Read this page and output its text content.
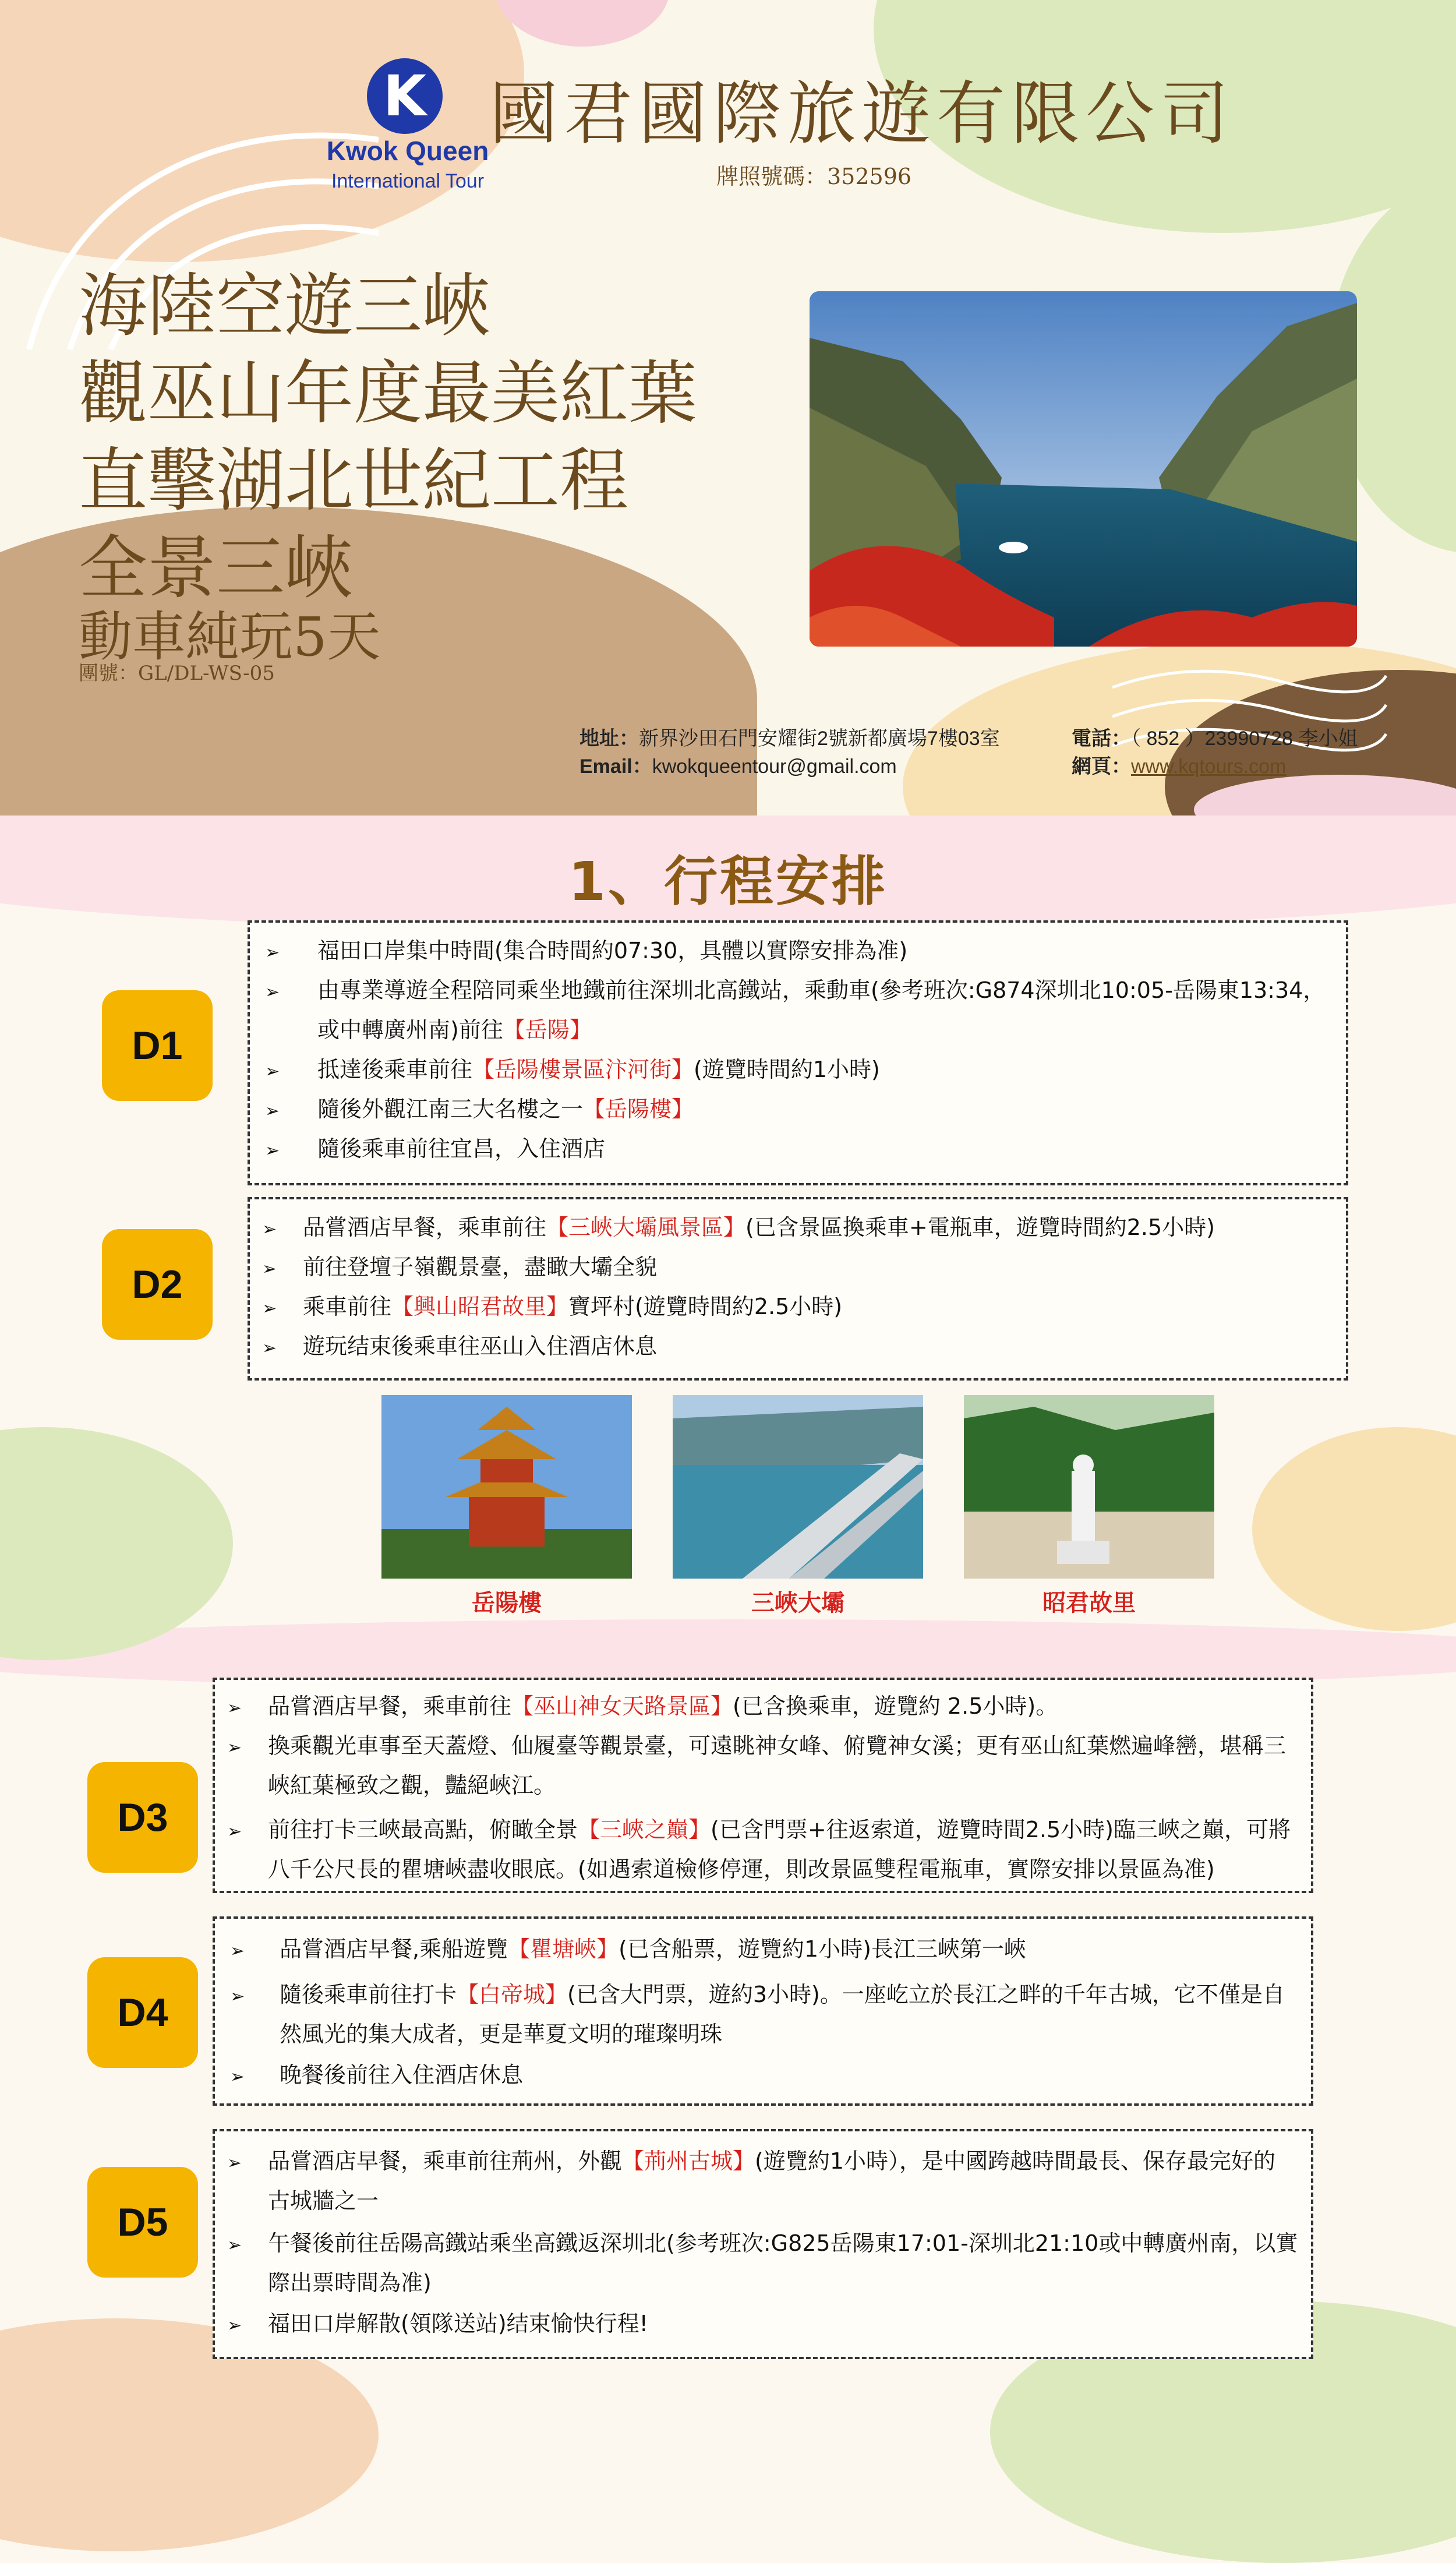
K
Kwok Queen
International Tour
國君國際旅遊有限公司
牌照號碼：352596
海陸空遊三峽
觀巫山年度最美紅葉
直擊湖北世紀工程
全景三峽
動車純玩5天
團號：GL/DL-WS-05
地址：新界沙田石門安耀街2號新都廣場7樓03室
Email：kwokqueentour@gmail.com
電話：（ 852 ）23990728 李小姐
網頁：www.kqtours.com
1、行程安排
D1
➢ 福田口岸集中時間(集合時間約07:30，具體以實際安排為准)
➢ 由專業導遊全程陪同乘坐地鐵前往深圳北高鐵站，乘動車(參考班次:G874深圳北10:05-岳陽東13:34，
或中轉廣州南)前往【岳陽】
➢ 抵達後乘車前往【岳陽樓景區汴河街】(遊覽時間約1小時)
➢ 隨後外觀江南三大名樓之一【岳陽樓】
➢ 隨後乘車前往宜昌，入住酒店
D2
➢ 品嘗酒店早餐，乘車前往【三峽大壩風景區】(已含景區換乘車+電瓶車，遊覽時間約2.5小時)
➢ 前往登壇子嶺觀景臺，盡瞰大壩全貌
➢ 乘車前往【興山昭君故里】寶坪村(遊覽時間約2.5小時)
➢ 遊玩结束後乘車往巫山入住酒店休息
岳陽樓	三峽大壩	昭君故里
D3
➢ 品嘗酒店早餐，乘車前往【巫山神女天路景區】(已含換乘車，遊覽約 2.5小時)。
➢ 換乘觀光車事至天蓋燈、仙履臺等觀景臺，可遠眺神女峰、俯覽神女溪；更有巫山紅葉燃遍峰巒，堪稱三
峽紅葉極致之觀，豔絕峽江。
➢ 前往打卡三峽最高點，俯瞰全景【三峽之巔】(已含門票+往返索道，遊覽時間2.5小時)臨三峽之巔，可將
八千公尺長的瞿塘峽盡收眼底。(如遇索道檢修停運，則改景區雙程電瓶車，實際安排以景區為准)
D4
➢ 品嘗酒店早餐,乘船遊覽【瞿塘峽】(已含船票，遊覽約1小時)長江三峽第一峽
➢ 隨後乘車前往打卡【白帝城】(已含大門票，遊約3小時)。一座屹立於長江之畔的千年古城，它不僅是自
然風光的集大成者，更是華夏文明的璀璨明珠
➢ 晚餐後前往入住酒店休息
D5
➢ 品嘗酒店早餐，乘車前往荊州，外觀【荊州古城】(遊覽約1小時），是中國跨越時間最長、保存最完好的
古城牆之一
➢ 午餐後前往岳陽高鐵站乘坐高鐵返深圳北(参考班次:G825岳陽東17:01-深圳北21:10或中轉廣州南，以實
際出票時間為准)
➢ 福田口岸解散(領隊送站)结束愉快行程!
